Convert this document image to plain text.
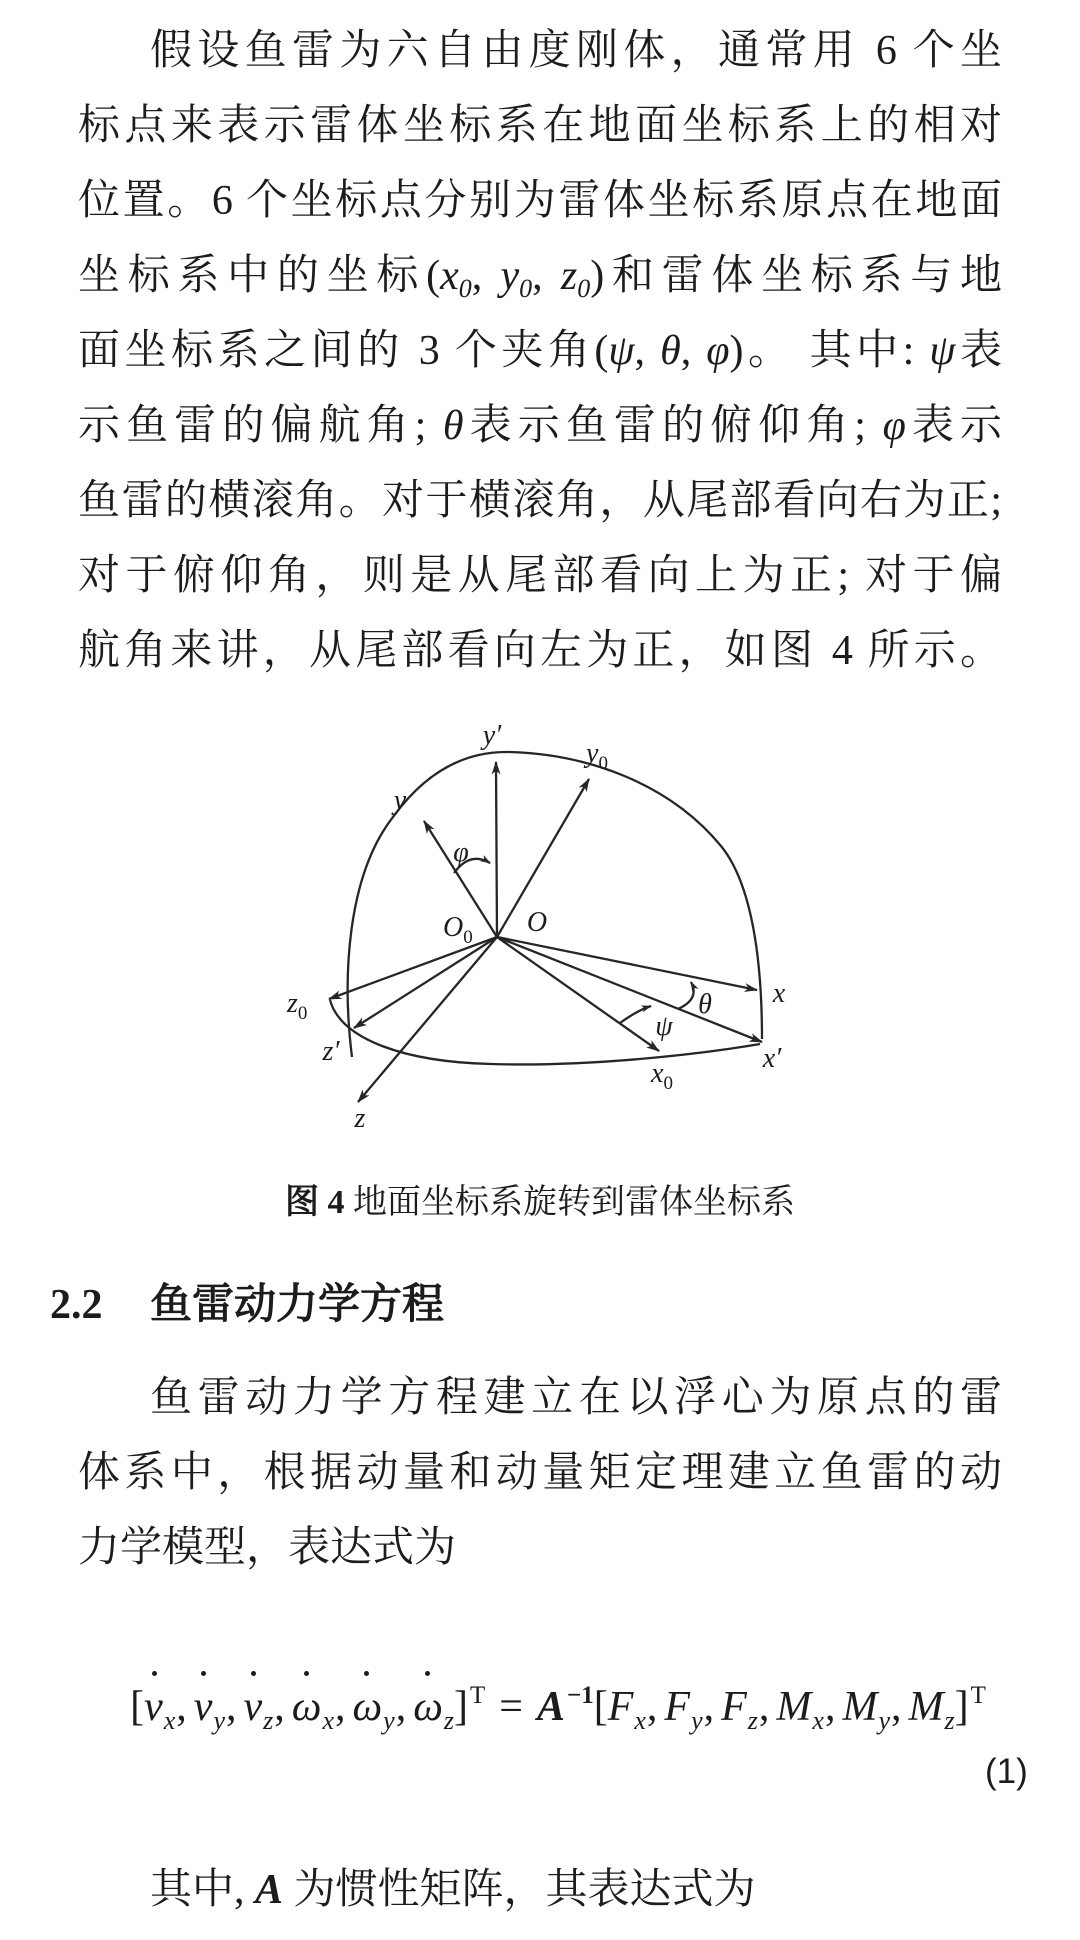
假设鱼雷为六自由度刚体，通常用 6 个坐
标点来表示雷体坐标系在地面坐标系上的相对
位置。6 个坐标点分别为雷体坐标系原点在地面
坐标系中的坐标(x0, y0, z0)和雷体坐标系与地
面坐标系之间的 3 个夹角(ψ, θ, φ)。 其中: ψ表
示鱼雷的偏航角; θ表示鱼雷的俯仰角; φ表示
鱼雷的横滚角。对于横滚角，从尾部看向右为正;
对于俯仰角，则是从尾部看向上为正; 对于偏
航角来讲，从尾部看向左为正，如图 4 所示。
y′
$y_0$
y
φ
$O_0$ O
x
θ
ψ
x′
$x_0$
$z_0$
z′
z
图 4 地面坐标系旋转到雷体坐标系
2.2 鱼雷动力学方程
鱼雷动力学方程建立在以浮心为原点的雷
体系中，根据动量和动量矩定理建立鱼雷的动
力学模型，表达式为
[v
$_x$, v
$_y$, v
$_z$, ω
$_x$, ω
$_y$, ω
$_z]^T = A^{-1}[F_x$, $F_y$, $F_z$, $M_x$, $M_y$, $M_z]^T$
(1)
其中, A 为惯性矩阵，其表达式为
